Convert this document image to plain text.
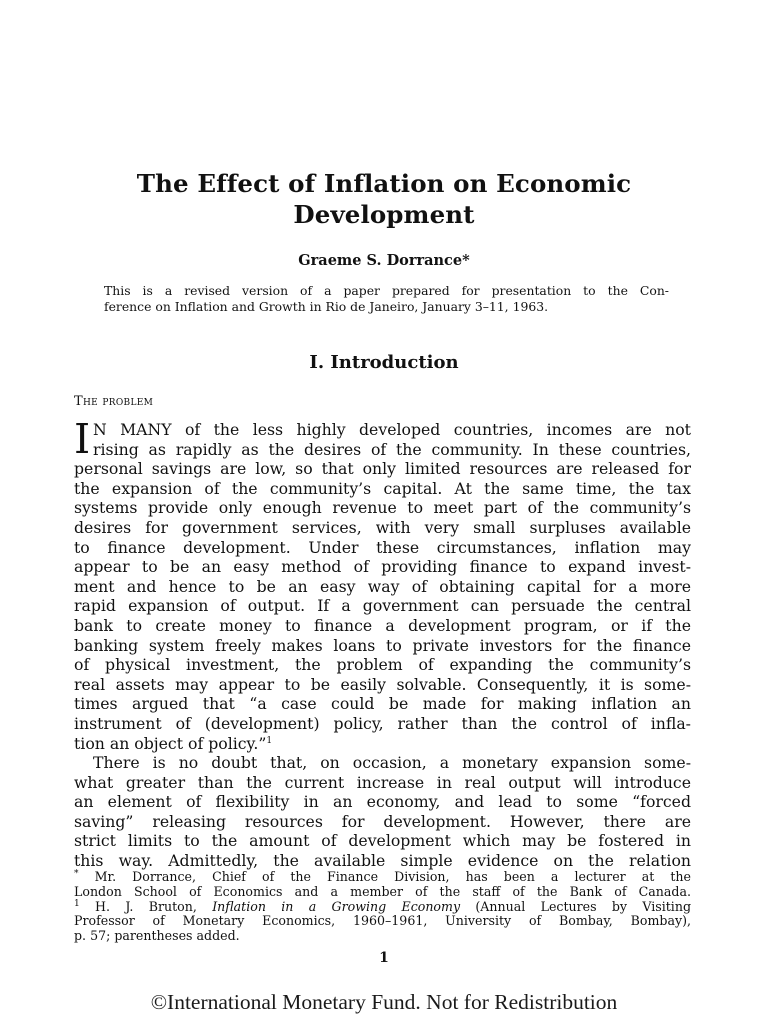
The Effect of Inflation on Economic
Development
Graeme S. Dorrance*
This is a revised version of a paper prepared for presentation to the Con-
ference on Inflation and Growth in Rio de Janeiro, January 3–11, 1963.
I. Introduction
The problem
I N MANY of the less highly developed countries, incomes are not
rising as rapidly as the desires of the community. In these countries,
personal savings are low, so that only limited resources are released for
the expansion of the community’s capital. At the same time, the tax
systems provide only enough revenue to meet part of the community’s
desires for government services, with very small surpluses available
to finance development. Under these circumstances, inflation may
appear to be an easy method of providing finance to expand invest-
ment and hence to be an easy way of obtaining capital for a more
rapid expansion of output. If a government can persuade the central
bank to create money to finance a development program, or if the
banking system freely makes loans to private investors for the finance
of physical investment, the problem of expanding the community’s
real assets may appear to be easily solvable. Consequently, it is some-
times argued that “a case could be made for making inflation an
instrument of (development) policy, rather than the control of infla-
tion an object of policy.”$^1$
There is no doubt that, on occasion, a monetary expansion some-
what greater than the current increase in real output will introduce
an element of flexibility in an economy, and lead to some “forced
saving” releasing resources for development. However, there are
strict limits to the amount of development which may be fostered in
this way. Admittedly, the available simple evidence on the relation
* Mr. Dorrance, Chief of the Finance Division, has been a lecturer at the
London School of Economics and a member of the staff of the Bank of Canada.
$^1$ H. J. Bruton, Inflation in a Growing Economy (Annual Lectures by Visiting
Professor of Monetary Economics, 1960–1961, University of Bombay, Bombay),
p. 57; parentheses added.
1
©International Monetary Fund. Not for Redistribution
